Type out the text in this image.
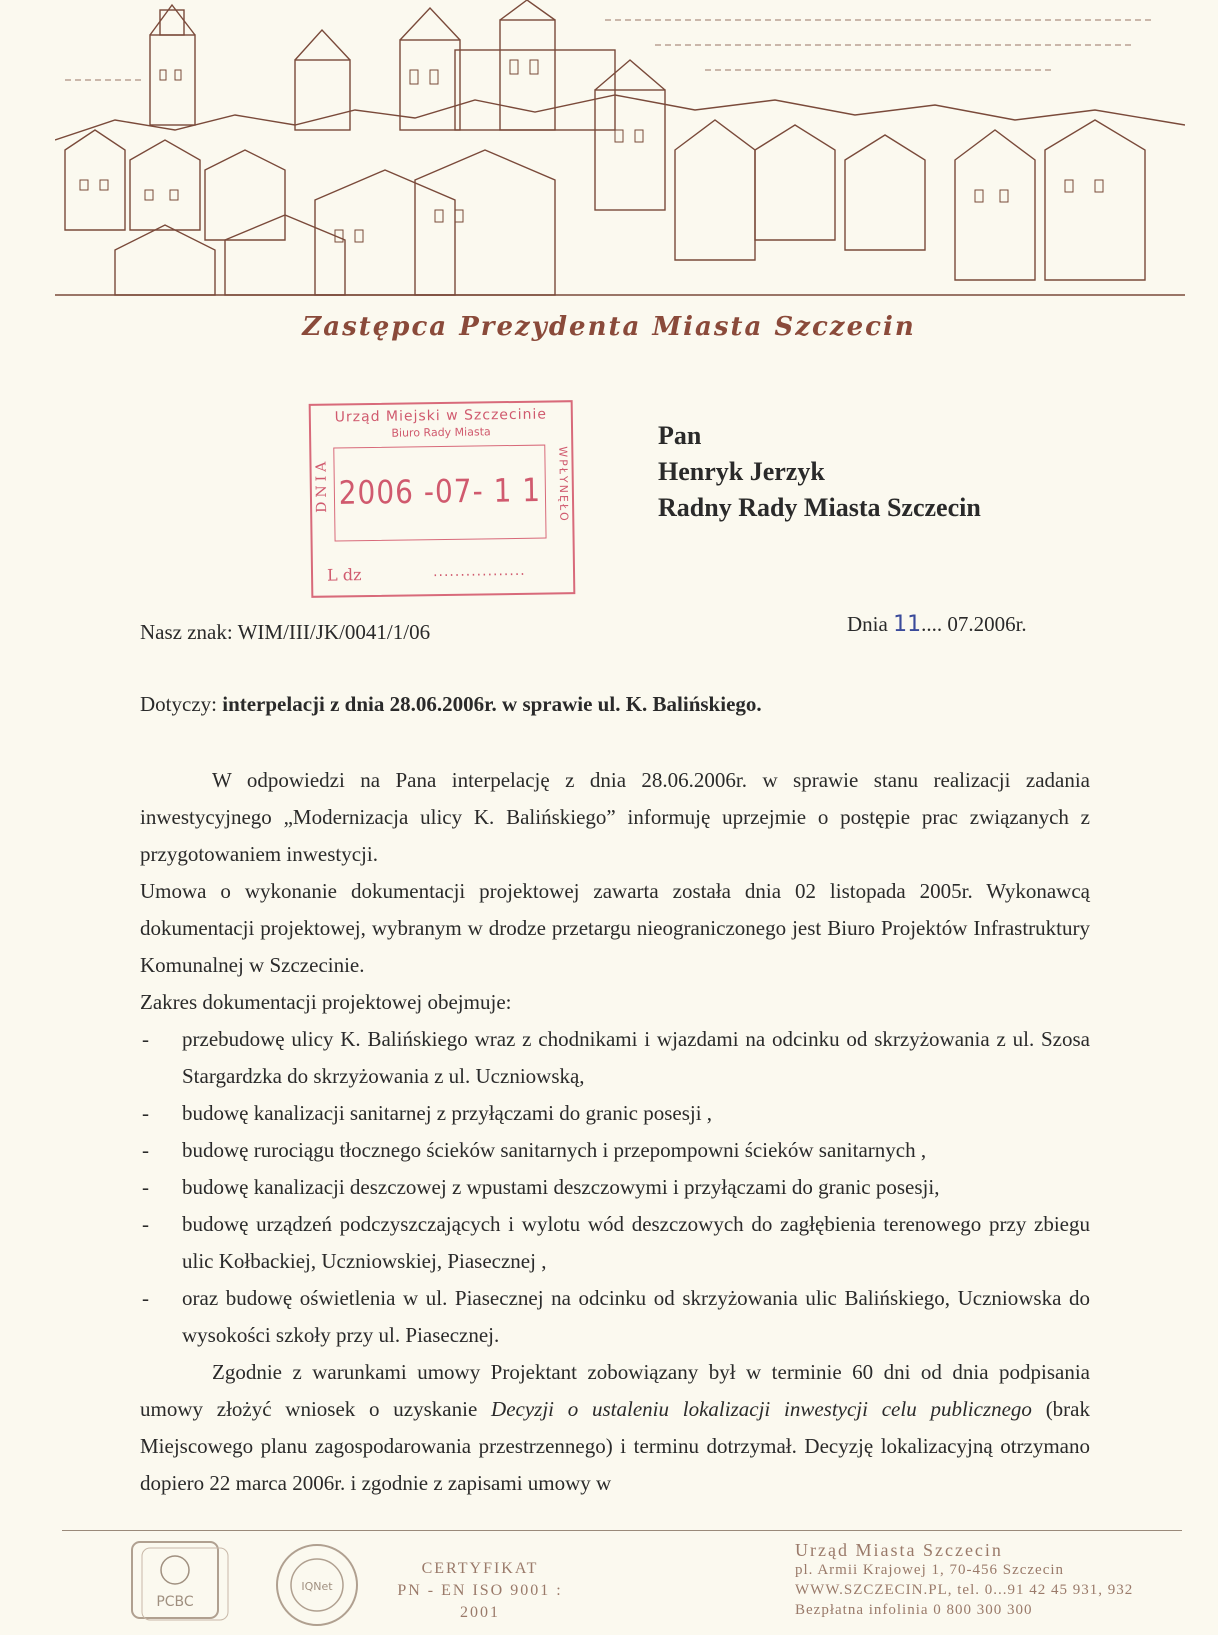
Zastępca Prezydenta Miasta Szczecin
Urząd Miejski w Szczecinie
Biuro Rady Miasta
DNIA 2006 -07- 1 1	WPŁYNĘŁO
L dz	.................
Pan
Henryk Jerzyk
Radny Rady Miasta Szczecin
Nasz znak: WIM/III/JK/0041/1/06	Dnia 11.... 07.2006r.
Dotyczy: interpelacji z dnia 28.06.2006r. w sprawie ul. K. Balińskiego.

W odpowiedzi na Pana interpelację z dnia 28.06.2006r. w sprawie stanu realizacji zadania inwestycyjnego „Modernizacja ulicy K. Balińskiego” informuję uprzejmie o postępie prac związanych z przygotowaniem inwestycji.

Umowa o wykonanie dokumentacji projektowej zawarta została dnia 02 listopada 2005r. Wykonawcą dokumentacji projektowej, wybranym w drodze przetargu nieograniczonego jest Biuro Projektów Infrastruktury Komunalnej w Szczecinie.

Zakres dokumentacji projektowej obejmuje:

- przebudowę ulicy K. Balińskiego wraz z chodnikami i wjazdami na odcinku od skrzyżowania z ul. Szosa Stargardzka do skrzyżowania z ul. Uczniowską,
- budowę kanalizacji sanitarnej z przyłączami do granic posesji ,
- budowę rurociągu tłocznego ścieków sanitarnych i przepompowni ścieków sanitarnych ,
- budowę kanalizacji deszczowej z wpustami deszczowymi i przyłączami do granic posesji,
- budowę urządzeń podczyszczających i wylotu wód deszczowych do zagłębienia terenowego przy zbiegu ulic Kołbackiej, Uczniowskiej, Piasecznej ,
- oraz budowę oświetlenia w ul. Piasecznej na odcinku od skrzyżowania ulic Balińskiego, Uczniowska do wysokości szkoły przy ul. Piasecznej.

Zgodnie z warunkami umowy Projektant zobowiązany był w terminie 60 dni od dnia podpisania umowy złożyć wniosek o uzyskanie Decyzji o ustaleniu lokalizacji inwestycji celu publicznego (brak Miejscowego planu zagospodarowania przestrzennego) i terminu dotrzymał. Decyzję lokalizacyjną otrzymano dopiero 22 marca 2006r. i zgodnie z zapisami umowy w

PCBC
IQNet
CERTYFIKAT
PN - EN ISO 9001 : 2001
Urząd Miasta Szczecin
pl. Armii Krajowej 1, 70-456 Szczecin
WWW.SZCZECIN.PL, tel. 0...91 42 45 931, 932
Bezpłatna infolinia 0 800 300 300
